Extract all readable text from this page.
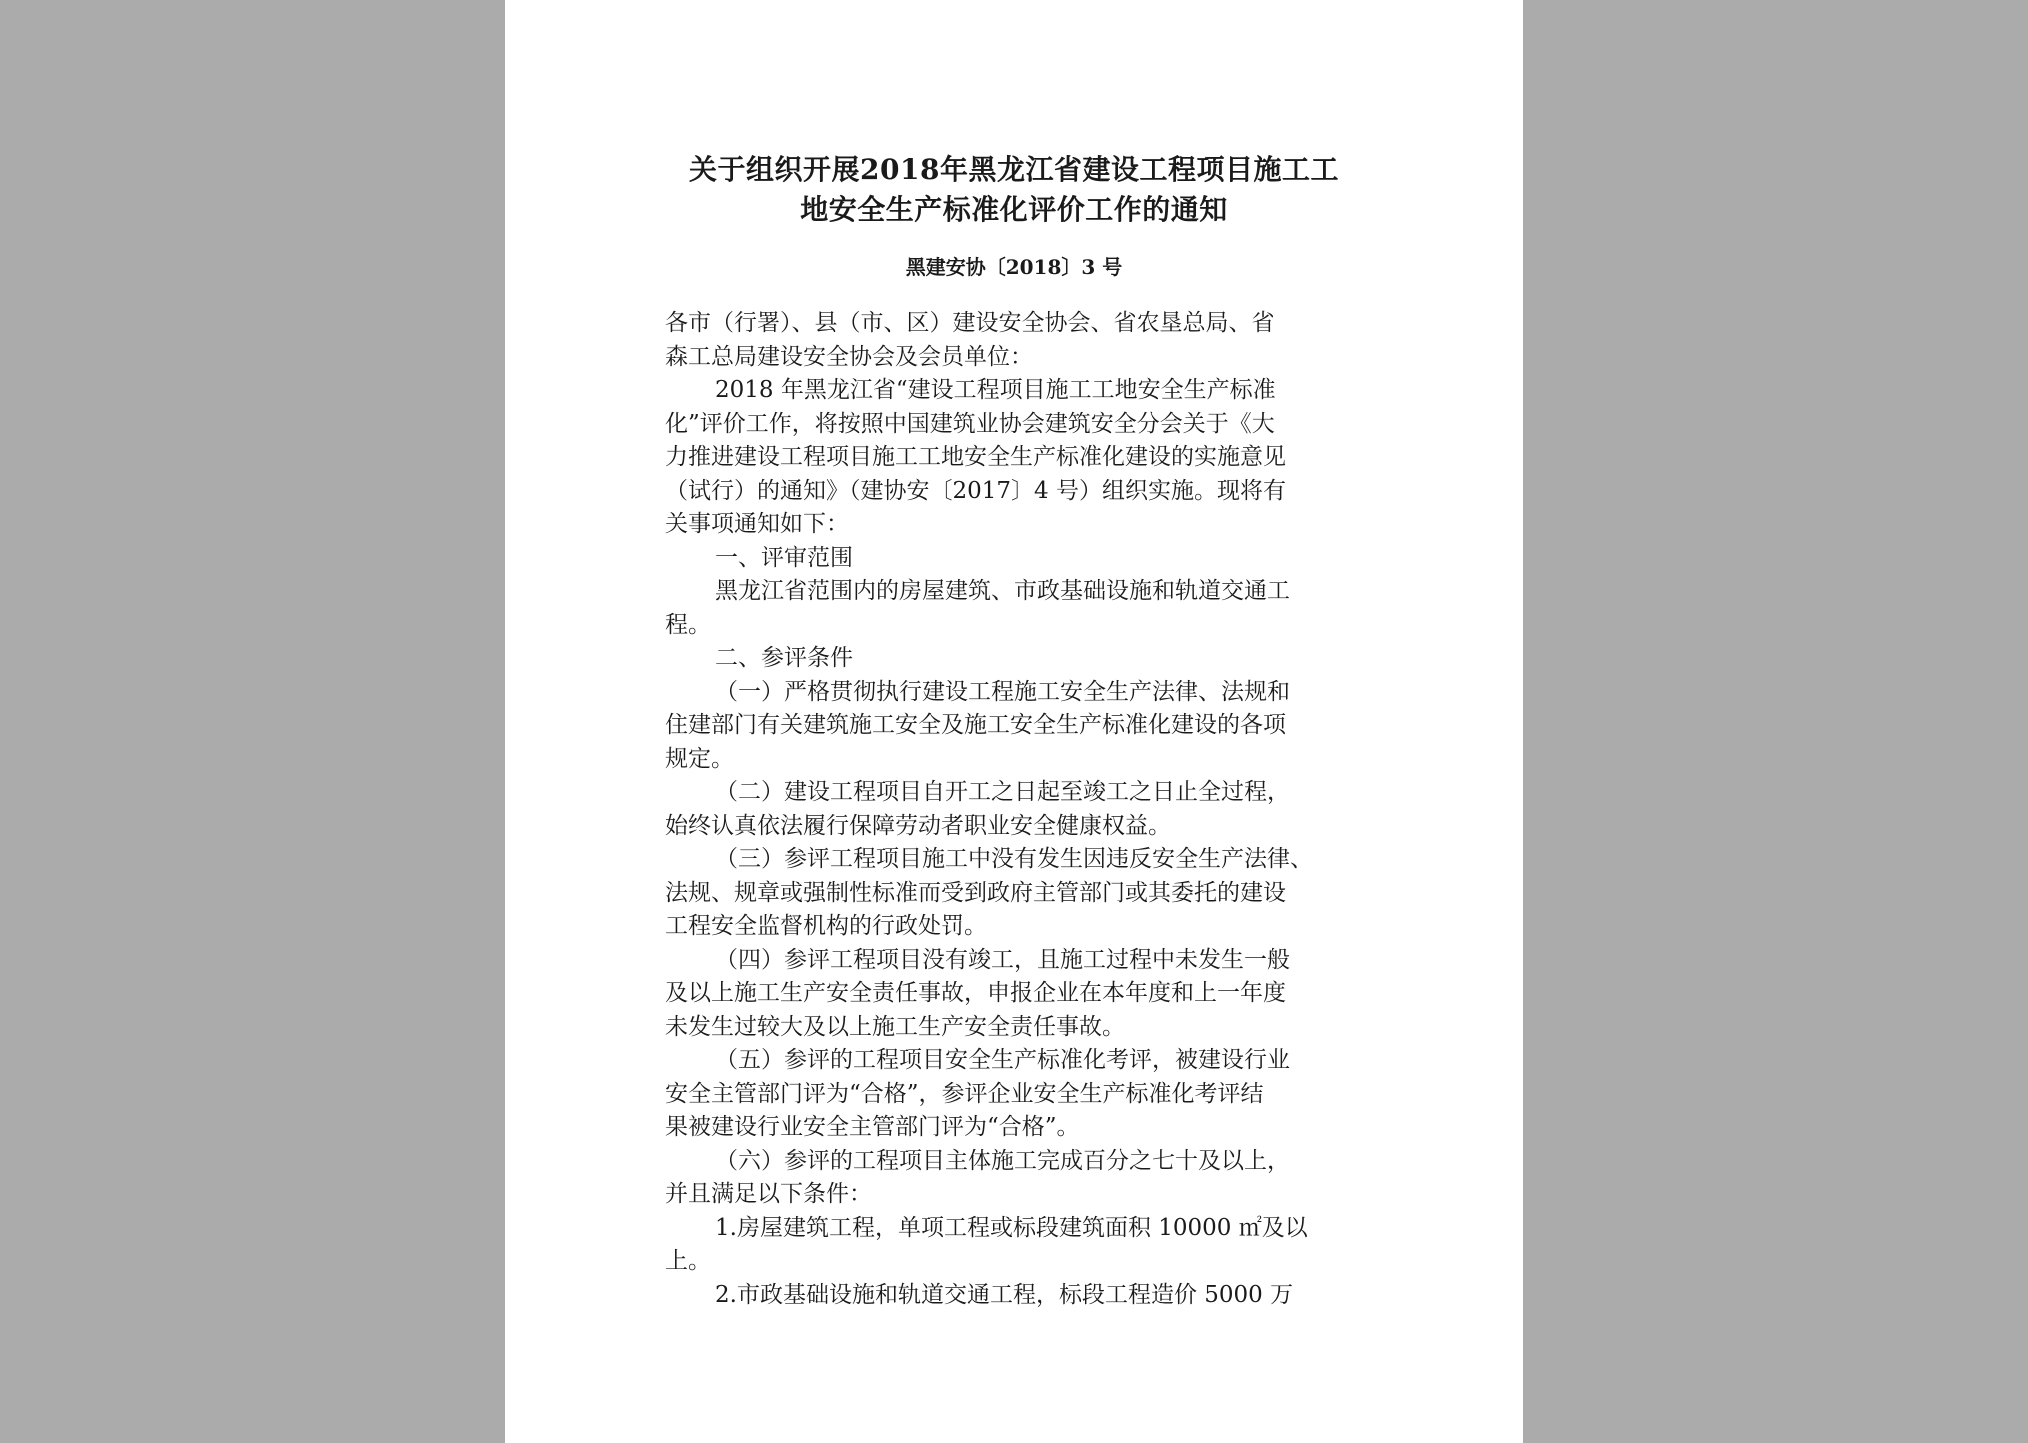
关于组织开展2018年黑龙江省建设工程项目施工工
地安全生产标准化评价工作的通知
黑建安协〔2018〕3 号
各市（行署）、县（市、区）建设安全协会、省农垦总局、省
森工总局建设安全协会及会员单位：
2018 年黑龙江省“建设工程项目施工工地安全生产标准
化”评价工作，将按照中国建筑业协会建筑安全分会关于《大
力推进建设工程项目施工工地安全生产标准化建设的实施意见
（试行）的通知》（建协安〔2017〕4 号）组织实施。现将有
关事项通知如下：
一、评审范围
黑龙江省范围内的房屋建筑、市政基础设施和轨道交通工
程。
二、参评条件
（一）严格贯彻执行建设工程施工安全生产法律、法规和
住建部门有关建筑施工安全及施工安全生产标准化建设的各项
规定。
（二）建设工程项目自开工之日起至竣工之日止全过程，
始终认真依法履行保障劳动者职业安全健康权益。
（三）参评工程项目施工中没有发生因违反安全生产法律、
法规、规章或强制性标准而受到政府主管部门或其委托的建设
工程安全监督机构的行政处罚。
（四）参评工程项目没有竣工，且施工过程中未发生一般
及以上施工生产安全责任事故，申报企业在本年度和上一年度
未发生过较大及以上施工生产安全责任事故。
（五）参评的工程项目安全生产标准化考评，被建设行业
安全主管部门评为“合格”，参评企业安全生产标准化考评结
果被建设行业安全主管部门评为“合格”。
（六）参评的工程项目主体施工完成百分之七十及以上，
并且满足以下条件：
1.房屋建筑工程，单项工程或标段建筑面积 10000 ㎡及以
上。
2.市政基础设施和轨道交通工程，标段工程造价 5000 万
